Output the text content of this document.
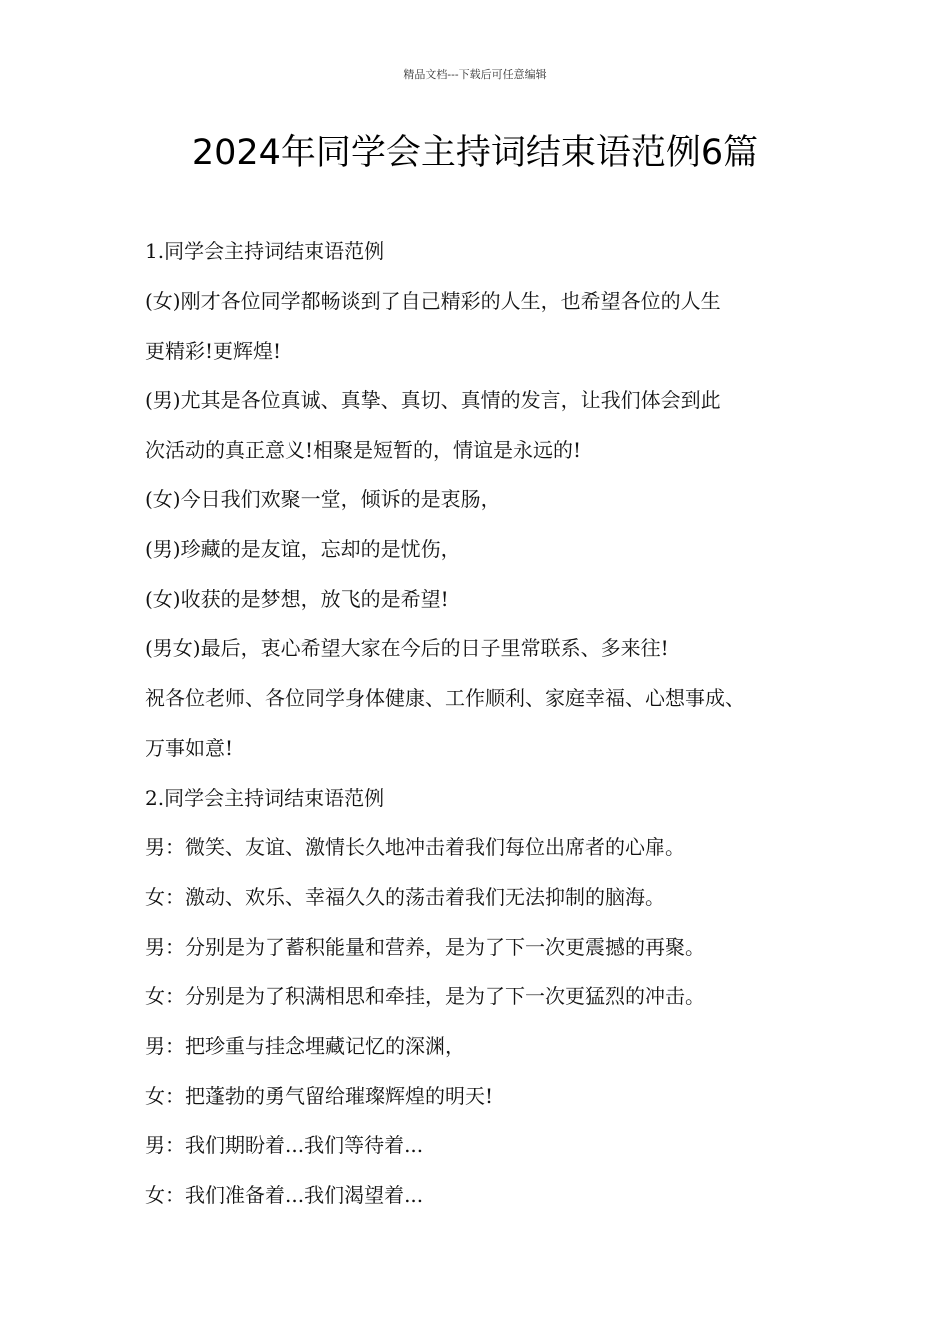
精品文档---下载后可任意编辑
2024年同学会主持词结束语范例6篇
1.同学会主持词结束语范例
(女)刚才各位同学都畅谈到了自己精彩的人生，也希望各位的人生
更精彩!更辉煌!
(男)尤其是各位真诚、真挚、真切、真情的发言，让我们体会到此
次活动的真正意义!相聚是短暂的，情谊是永远的!
(女)今日我们欢聚一堂，倾诉的是衷肠，
(男)珍藏的是友谊，忘却的是忧伤，
(女)收获的是梦想，放飞的是希望!
(男女)最后，衷心希望大家在今后的日子里常联系、多来往!
祝各位老师、各位同学身体健康、工作顺利、家庭幸福、心想事成、
万事如意!
2.同学会主持词结束语范例
男：微笑、友谊、激情长久地冲击着我们每位出席者的心扉。
女：激动、欢乐、幸福久久的荡击着我们无法抑制的脑海。
男：分别是为了蓄积能量和营养，是为了下一次更震撼的再聚。
女：分别是为了积满相思和牵挂，是为了下一次更猛烈的冲击。
男：把珍重与挂念埋藏记忆的深渊，
女：把蓬勃的勇气留给璀璨辉煌的明天!
男：我们期盼着...我们等待着...
女：我们准备着...我们渴望着...
